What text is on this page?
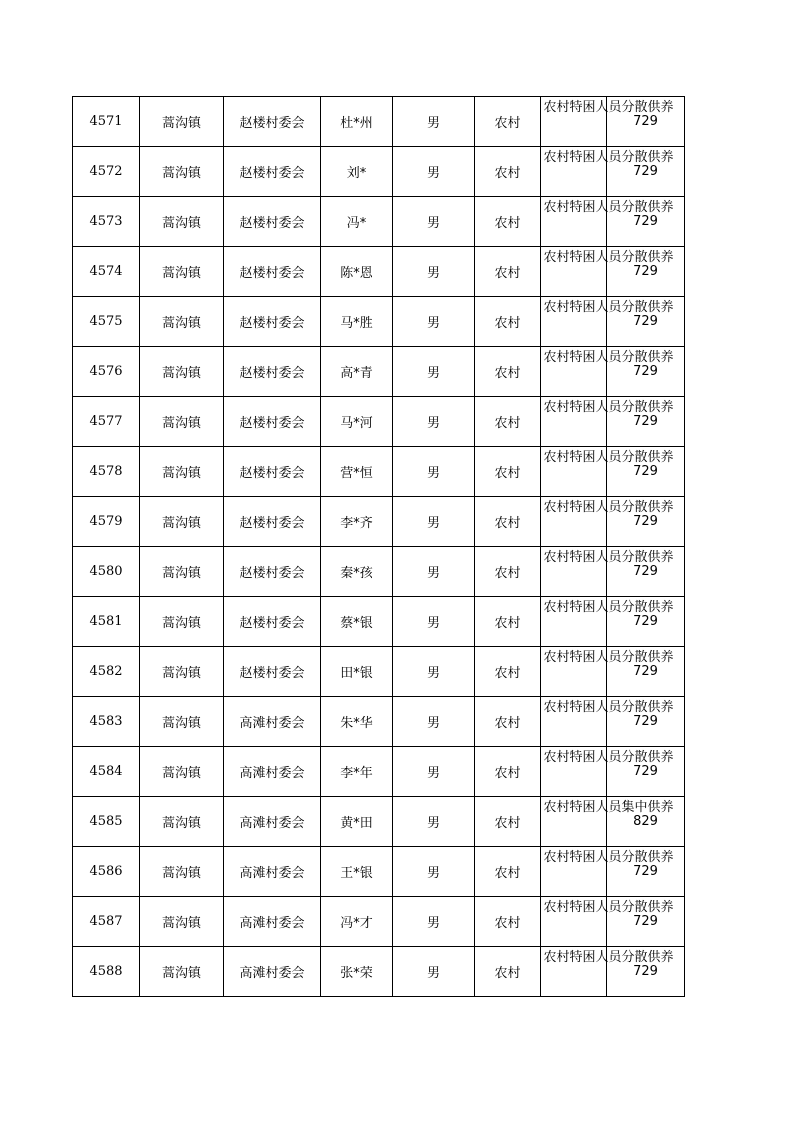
4571	蒿沟镇	赵楼村委会	杜*州	男	农村	农村特困人员分散供养	729
4572	蒿沟镇	赵楼村委会	刘*	男	农村	农村特困人员分散供养	729
4573	蒿沟镇	赵楼村委会	冯*	男	农村	农村特困人员分散供养	729
4574	蒿沟镇	赵楼村委会	陈*恩	男	农村	农村特困人员分散供养	729
4575	蒿沟镇	赵楼村委会	马*胜	男	农村	农村特困人员分散供养	729
4576	蒿沟镇	赵楼村委会	高*青	男	农村	农村特困人员分散供养	729
4577	蒿沟镇	赵楼村委会	马*河	男	农村	农村特困人员分散供养	729
4578	蒿沟镇	赵楼村委会	营*恒	男	农村	农村特困人员分散供养	729
4579	蒿沟镇	赵楼村委会	李*齐	男	农村	农村特困人员分散供养	729
4580	蒿沟镇	赵楼村委会	秦*孩	男	农村	农村特困人员分散供养	729
4581	蒿沟镇	赵楼村委会	蔡*银	男	农村	农村特困人员分散供养	729
4582	蒿沟镇	赵楼村委会	田*银	男	农村	农村特困人员分散供养	729
4583	蒿沟镇	高滩村委会	朱*华	男	农村	农村特困人员分散供养	729
4584	蒿沟镇	高滩村委会	李*年	男	农村	农村特困人员分散供养	729
4585	蒿沟镇	高滩村委会	黄*田	男	农村	农村特困人员集中供养	829
4586	蒿沟镇	高滩村委会	王*银	男	农村	农村特困人员分散供养	729
4587	蒿沟镇	高滩村委会	冯*才	男	农村	农村特困人员分散供养	729
4588	蒿沟镇	高滩村委会	张*荣	男	农村	农村特困人员分散供养	729
